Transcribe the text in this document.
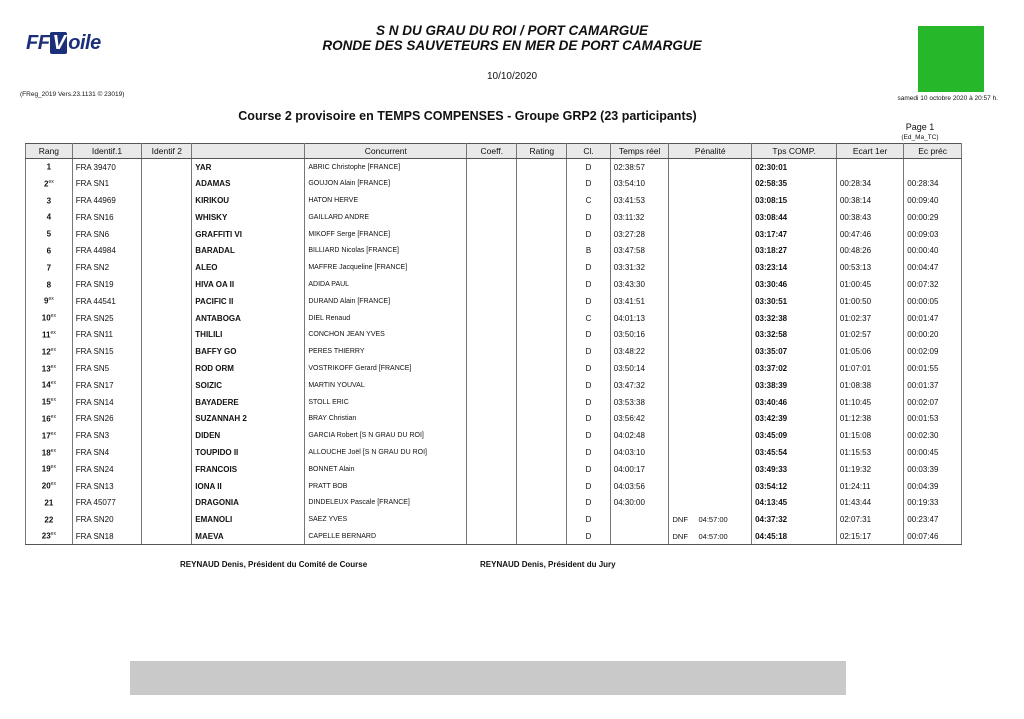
FF V oile
S N DU GRAU DU ROI / PORT CAMARGUE
RONDE DES SAUVETEURS EN MER DE PORT CAMARGUE
10/10/2020
(FReg_2019 Vers.23.1131 © 23019)
samedi 10 octobre 2020 à 20:57 h.
Course 2 provisoire en TEMPS COMPENSES - Groupe GRP2 (23 participants)
Page 1
(Ed_Ma_TC)
Rang	Identif.1	Identif 2		Concurrent	Coeff.	Rating	Cl.	Temps réel	Pénalité	Tps COMP.	Ecart 1er	Ec préc
1	FRA 39470		YAR	ABRIC Christophe [FRANCE]			D	02:38:57		02:30:01		
$2^{ex}$	FRA SN1		ADAMAS	GOUJON Alain [FRANCE]			D	03:54:10		02:58:35	00:28:34	00:28:34
3	FRA 44969		KIRIKOU	HATON HERVE			C	03:41:53		03:08:15	00:38:14	00:09:40
4	FRA SN16		WHISKY	GAILLARD ANDRE			D	03:11:32		03:08:44	00:38:43	00:00:29
5	FRA SN6		GRAFFITI VI	MIKOFF Serge [FRANCE]			D	03:27:28		03:17:47	00:47:46	00:09:03
6	FRA 44984		BARADAL	BILLIARD Nicolas [FRANCE]			B	03:47:58		03:18:27	00:48:26	00:00:40
7	FRA SN2		ALEO	MAFFRE Jacqueline [FRANCE]			D	03:31:32		03:23:14	00:53:13	00:04:47
8	FRA SN19		HIVA OA II	ADIDA PAUL			D	03:43:30		03:30:46	01:00:45	00:07:32
$9^{ex}$	FRA 44541		PACIFIC II	DURAND Alain [FRANCE]			D	03:41:51		03:30:51	01:00:50	00:00:05
$10^{ex}$	FRA SN25		ANTABOGA	DIEL Renaud			C	04:01:13		03:32:38	01:02:37	00:01:47
$11^{ex}$	FRA SN11		THILILI	CONCHON JEAN YVES			D	03:50:16		03:32:58	01:02:57	00:00:20
$12^{ex}$	FRA SN15		BAFFY GO	PERES THIERRY			D	03:48:22		03:35:07	01:05:06	00:02:09
$13^{ex}$	FRA SN5		ROD ORM	VOSTRIKOFF Gerard [FRANCE]			D	03:50:14		03:37:02	01:07:01	00:01:55
$14^{ex}$	FRA SN17		SOIZIC	MARTIN YOUVAL			D	03:47:32		03:38:39	01:08:38	00:01:37
$15^{ex}$	FRA SN14		BAYADERE	STOLL ERIC			D	03:53:38		03:40:46	01:10:45	00:02:07
$16^{ex}$	FRA SN26		SUZANNAH 2	BRAY Christian			D	03:56:42		03:42:39	01:12:38	00:01:53
$17^{ex}$	FRA SN3		DIDEN	GARCIA Robert [S N GRAU DU ROI]			D	04:02:48		03:45:09	01:15:08	00:02:30
$18^{ex}$	FRA SN4		TOUPIDO II	ALLOUCHE Joël [S N GRAU DU ROI]			D	04:03:10		03:45:54	01:15:53	00:00:45
$19^{ex}$	FRA SN24		FRANCOIS	BONNET Alain			D	04:00:17		03:49:33	01:19:32	00:03:39
$20^{ex}$	FRA SN13		IONA II	PRATT BOB			D	04:03:56		03:54:12	01:24:11	00:04:39
21	FRA 45077		DRAGONIA	DINDELEUX Pascale [FRANCE]			D	04:30:00		04:13:45	01:43:44	00:19:33
22	FRA SN20		EMANOLI	SAEZ YVES			D		DNF 04:57:00	04:37:32	02:07:31	00:23:47
$23^{ex}$	FRA SN18		MAEVA	CAPELLE BERNARD			D		DNF 04:57:00	04:45:18	02:15:17	00:07:46
REYNAUD Denis, Président du Comité de Course	REYNAUD Denis, Président du Jury
